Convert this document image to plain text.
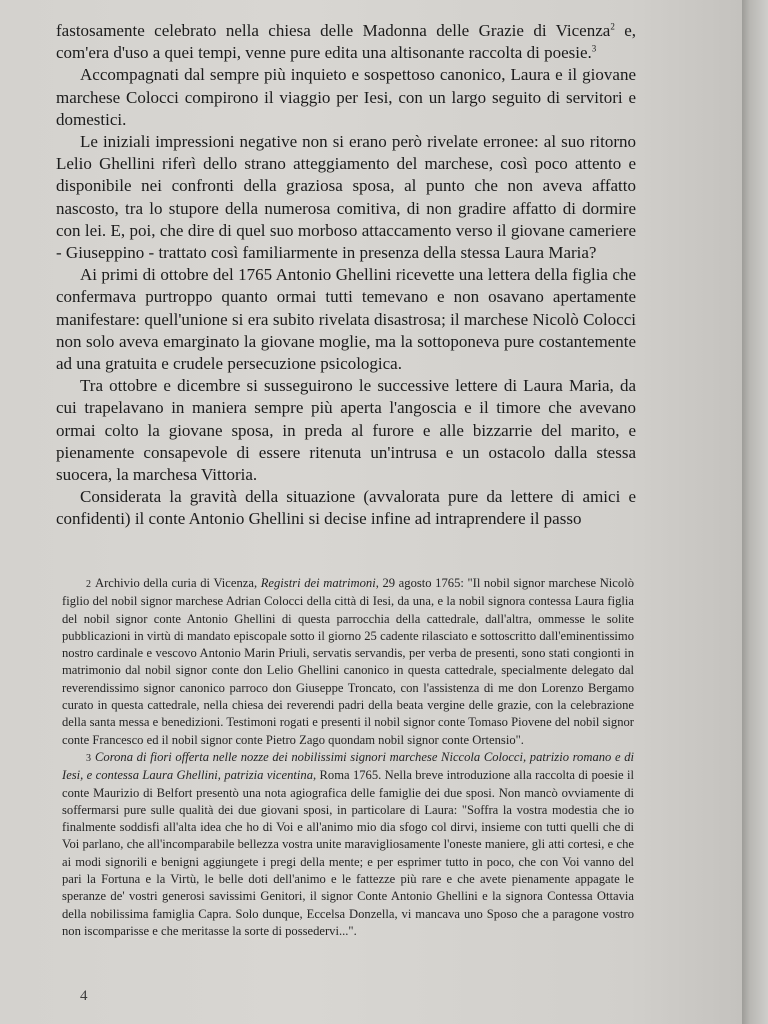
fastosamente celebrato nella chiesa delle Madonna delle Grazie di Vicenza$^2$ e, com'era d'uso a quei tempi, venne pure edita una altisonante raccolta di poesie.$^3$

Accompagnati dal sempre più inquieto e sospettoso canonico, Laura e il giovane marchese Colocci compirono il viaggio per Iesi, con un largo seguito di servitori e domestici.

Le iniziali impressioni negative non si erano però rivelate erronee: al suo ritorno Lelio Ghellini riferì dello strano atteggiamento del marchese, così poco attento e disponibile nei confronti della graziosa sposa, al punto che non aveva affatto nascosto, tra lo stupore della numerosa comitiva, di non gradire affatto di dormire con lei. E, poi, che dire di quel suo morboso attaccamento verso il giovane cameriere - Giuseppino - trattato così familiarmente in presenza della stessa Laura Maria?

Ai primi di ottobre del 1765 Antonio Ghellini ricevette una lettera della figlia che confermava purtroppo quanto ormai tutti temevano e non osavano apertamente manifestare: quell'unione si era subito rivelata disastrosa; il marchese Nicolò Colocci non solo aveva emarginato la giovane moglie, ma la sottoponeva pure costantemente ad una gratuita e crudele persecuzione psicologica.

Tra ottobre e dicembre si susseguirono le successive lettere di Laura Maria, da cui trapelavano in maniera sempre più aperta l'angoscia e il timore che avevano ormai colto la giovane sposa, in preda al furore e alle bizzarrie del marito, e pienamente consapevole di essere ritenuta un'intrusa e un ostacolo dalla stessa suocera, la marchesa Vittoria.

Considerata la gravità della situazione (avvalorata pure da lettere di amici e confidenti) il conte Antonio Ghellini si decise infine ad intraprendere il passo

2 Archivio della curia di Vicenza, Registri dei matrimoni, 29 agosto 1765: "Il nobil signor marchese Nicolò figlio del nobil signor marchese Adrian Colocci della città di Iesi, da una, e la nobil signora contessa Laura figlia del nobil signor conte Antonio Ghellini di questa parrocchia della cattedrale, dall'altra, ommesse le solite pubblicazioni in virtù di mandato episcopale sotto il giorno 25 cadente rilasciato e sottoscritto dall'eminentissimo nostro cardinale e vescovo Antonio Marin Priuli, servatis servandis, per verba de presenti, sono stati congionti in matrimonio dal nobil signor conte don Lelio Ghellini canonico in questa cattedrale, specialmente delegato dal reverendissimo signor canonico parroco don Giuseppe Troncato, con l'assistenza di me don Lorenzo Bergamo curato in questa cattedrale, nella chiesa dei reverendi padri della beata vergine delle grazie, con la celebrazione della santa messa e benedizioni. Testimoni rogati e presenti il nobil signor conte Tomaso Piovene del nobil signor conte Francesco ed il nobil signor conte Pietro Zago quondam nobil signor conte Ortensio".

3 Corona di fiori offerta nelle nozze dei nobilissimi signori marchese Niccola Colocci, patrizio romano e di Iesi, e contessa Laura Ghellini, patrizia vicentina, Roma 1765. Nella breve introduzione alla raccolta di poesie il conte Maurizio di Belfort presentò una nota agiografica delle famiglie dei due sposi. Non mancò ovviamente di soffermarsi pure sulle qualità dei due giovani sposi, in particolare di Laura: "Soffra la vostra modestia che io finalmente soddisfi all'alta idea che ho di Voi e all'animo mio dia sfogo col dirvi, insieme con tutti quelli che di Voi parlano, che all'incomparabile bellezza vostra unite maravigliosamente l'oneste maniere, gli atti cortesi, e che ai modi signorili e benigni aggiungete i pregi della mente; e per esprimer tutto in poco, che con Voi vanno del pari la Fortuna e la Virtù, le belle doti dell'animo e le fattezze più rare e che avete pienamente appagate le speranze de' vostri generosi savissimi Genitori, il signor Conte Antonio Ghellini e la signora Contessa Ottavia della nobilissima famiglia Capra. Solo dunque, Eccelsa Donzella, vi mancava uno Sposo che a paragone vostro non iscomparisse e che meritasse la sorte di possedervi...".

4
